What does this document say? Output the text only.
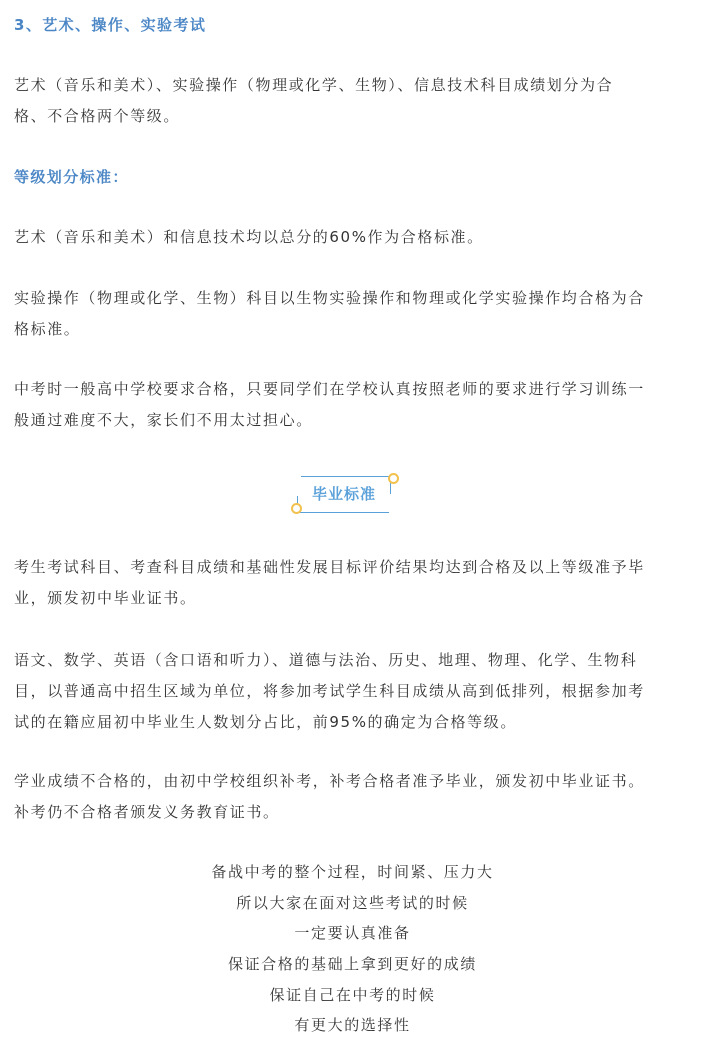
3、艺术、操作、实验考试
艺术（音乐和美术）、实验操作（物理或化学、生物）、信息技术科目成绩划分为合
格、不合格两个等级。
等级划分标准：
艺术（音乐和美术）和信息技术均以总分的60%作为合格标准。
实验操作（物理或化学、生物）科目以生物实验操作和物理或化学实验操作均合格为合
格标准。
中考时一般高中学校要求合格，只要同学们在学校认真按照老师的要求进行学习训练一
般通过难度不大，家长们不用太过担心。
毕业标准
考生考试科目、考查科目成绩和基础性发展目标评价结果均达到合格及以上等级准予毕
业，颁发初中毕业证书。
语文、数学、英语（含口语和听力）、道德与法治、历史、地理、物理、化学、生物科
目，以普通高中招生区域为单位，将参加考试学生科目成绩从高到低排列，根据参加考
试的在籍应届初中毕业生人数划分占比，前95%的确定为合格等级。
学业成绩不合格的，由初中学校组织补考，补考合格者准予毕业，颁发初中毕业证书。
补考仍不合格者颁发义务教育证书。
备战中考的整个过程，时间紧、压力大
所以大家在面对这些考试的时候
一定要认真准备
保证合格的基础上拿到更好的成绩
保证自己在中考的时候
有更大的选择性
